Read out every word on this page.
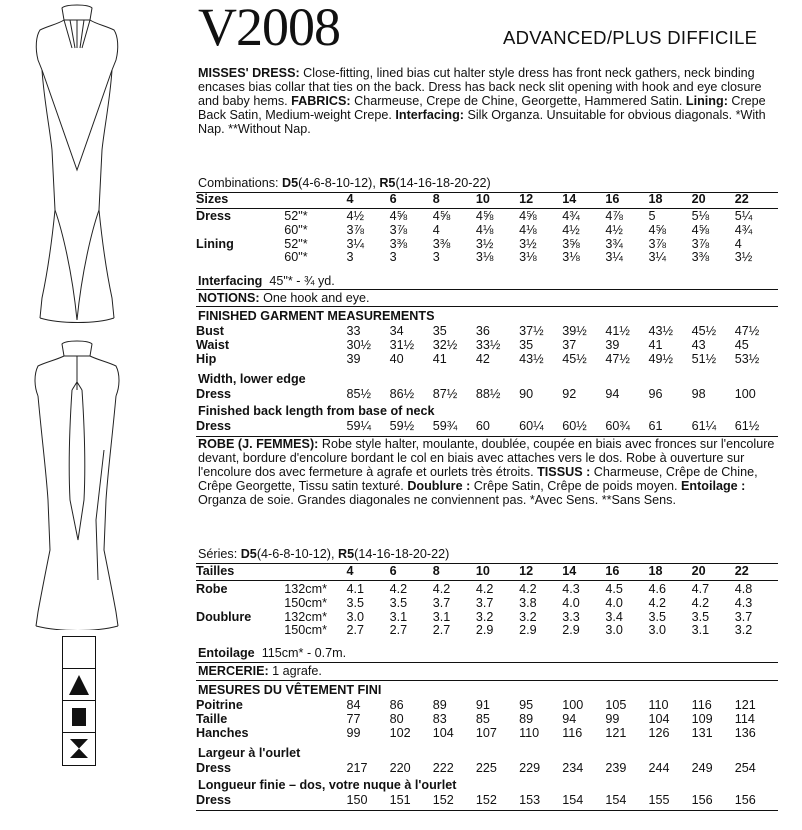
V2008	ADVANCED/PLUS DIFFICILE

MISSES' DRESS: Close-fitting, lined bias cut halter style dress has front neck gathers, neck binding encases bias collar that ties on the back. Dress has back neck slit opening with hook and eye closure and baby hems. FABRICS: Charmeuse, Crepe de Chine, Georgette, Hammered Satin. Lining: Crepe Back Satin, Medium-weight Crepe. Interfacing: Silk Organza. Unsuitable for obvious diagonals. *With Nap. **Without Nap.

Combinations: D5(4-6-8-10-12), R5(14-16-18-20-22)
Sizes		4	6	8	10	12	14	16	18	20	22
Dress	52"*	4½	4⅝	4⅝	4⅝	4⅝	4¾	4⅞	5	5⅛	5¼
	60"*	3⅞	3⅞	4	4⅛	4⅛	4½	4½	4⅝	4⅝	4¾
Lining	52"*	3¼	3⅜	3⅜	3½	3½	3⅝	3¾	3⅞	3⅞	4
	60"*	3	3	3	3⅛	3⅛	3⅛	3¼	3¼	3⅜	3½
Interfacing 45"* - ¾ yd.
NOTIONS: One hook and eye.
FINISHED GARMENT MEASUREMENTS
Bust		33	34	35	36	37½	39½	41½	43½	45½	47½
Waist		30½	31½	32½	33½	35	37	39	41	43	45
Hip		39	40	41	42	43½	45½	47½	49½	51½	53½
Width, lower edge
Dress		85½	86½	87½	88½	90	92	94	96	98	100
Finished back length from base of neck
Dress		59¼	59½	59¾	60	60¼	60½	60¾	61	61¼	61½

ROBE (J. FEMMES): Robe style halter, moulante, doublée, coupée en biais avec fronces sur l'encolure devant, bordure d'encolure bordant le col en biais avec attaches vers le dos. Robe à ouverture sur l'encolure dos avec fermeture à agrafe et ourlets très étroits. TISSUS : Charmeuse, Crêpe de Chine, Crêpe Georgette, Tissu satin texturé. Doublure : Crêpe Satin, Crêpe de poids moyen. Entoilage : Organza de soie. Grandes diagonales ne conviennent pas. *Avec Sens. **Sans Sens.

Séries: D5(4-6-8-10-12), R5(14-16-18-20-22)
Tailles		4	6	8	10	12	14	16	18	20	22
Robe	132cm*	4.1	4.2	4.2	4.2	4.2	4.3	4.5	4.6	4.7	4.8
	150cm*	3.5	3.5	3.7	3.7	3.8	4.0	4.0	4.2	4.2	4.3
Doublure	132cm*	3.0	3.1	3.1	3.2	3.2	3.3	3.4	3.5	3.5	3.7
	150cm*	2.7	2.7	2.7	2.9	2.9	2.9	3.0	3.0	3.1	3.2
Entoilage 115cm* - 0.7m.
MERCERIE: 1 agrafe.
MESURES DU VÊTEMENT FINI
Poitrine		84	86	89	91	95	100	105	110	116	121
Taille		77	80	83	85	89	94	99	104	109	114
Hanches		99	102	104	107	110	116	121	126	131	136
Largeur à l'ourlet
Dress		217	220	222	225	229	234	239	244	249	254
Longueur finie – dos, votre nuque à l'ourlet
Dress		150	151	152	152	153	154	154	155	156	156
